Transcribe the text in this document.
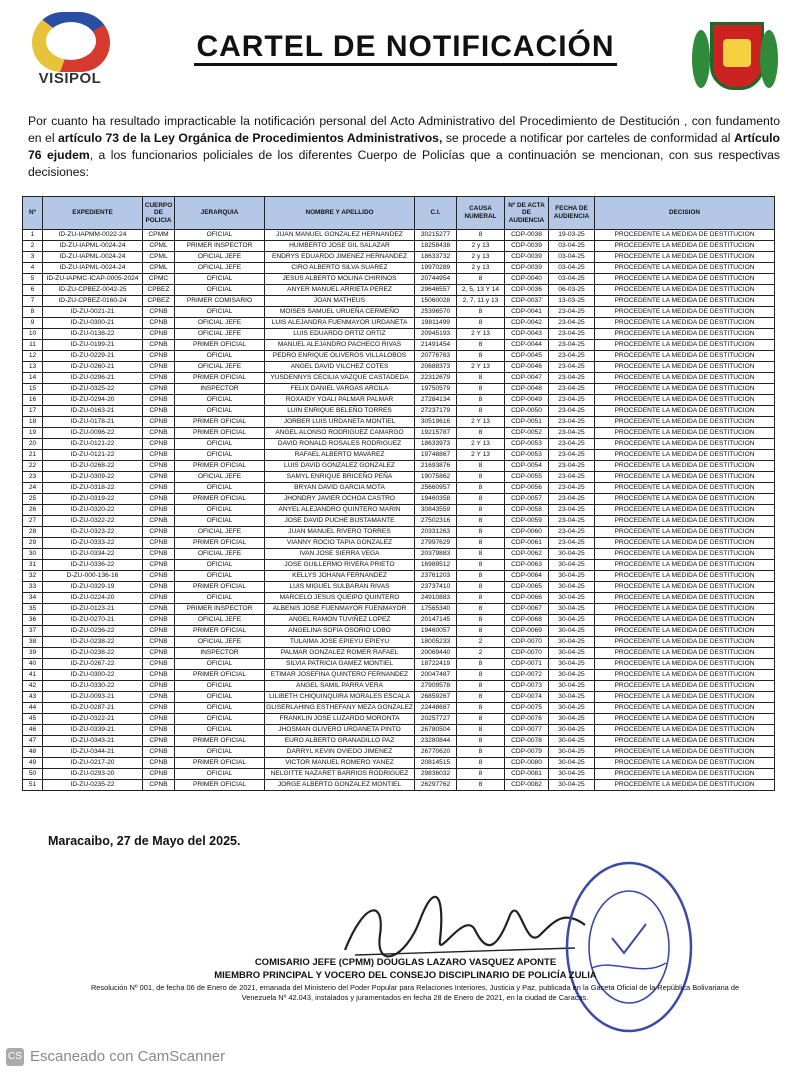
VISIPOL
CARTEL DE NOTIFICACIÓN
Por cuanto ha resultado impracticable la notificación personal del Acto Administrativo del Procedimiento de Destitución , con fundamento en el artículo 73 de la Ley Orgánica de Procedimientos Administrativos, se procede a notificar por carteles de conformidad al Artículo 76 ejudem, a los funcionarios policiales de los diferentes Cuerpo de Policías que a continuación se mencionan, con sus respectivas decisiones:
Nº	EXPEDIENTE	CUERPO DE POLICIA	JERARQUIA	NOMBRE Y APELLIDO	C.I.	CAUSA NUMERAL	Nº DE ACTA DE AUDIENCIA	FECHA DE AUDIENCIA	DECISION
1	ID-ZU-IAPMM-0022-24	CPMM	OFICIAL	JUAN MANUEL GONZALEZ HERNANDEZ	30215277	8	CDP-0038	19-03-25	PROCEDENTE LA MEDIDA DE DESTITUCION
2	ID-ZU-IAPML-0024-24	CPML	PRIMER INSPECTOR	HUMBERTO JOSE GIL SALAZAR	18258438	2 y 13	CDP-0039	03-04-25	PROCEDENTE LA MEDIDA DE DESTITUCION
3	ID-ZU-IAPML-0024-24	CPML	OFICIAL JEFE	ENDRYS EDUARDO JIMENEZ HERNANDEZ	18633732	2 y 13	CDP-0039	03-04-25	PROCEDENTE LA MEDIDA DE DESTITUCION
4	ID-ZU-IAPML-0024-24	CPML	OFICIAL JEFE	CIRO ALBERTO SILVA SUAREZ	19970289	2 y 13	CDP-0039	03-04-25	PROCEDENTE LA MEDIDA DE DESTITUCION
5	ID-ZU-IAPMC-ICAP-0005-2024	CPMC	OFICIAL	JESUS ALBERTO MOLINA CHIRINOS	20744954	8	CDP-0040	03-04-25	PROCEDENTE LA MEDIDA DE DESTITUCION
6	ID-ZU-CPBEZ-0042-25	CPBEZ	OFICIAL	ANYER MANUEL ARRIETA PEREZ	29646557	2, 5, 13 Y 14	CDP-0036	06-03-25	PROCEDENTE LA MEDIDA DE DESTITUCION
7	ID-ZU-CPBEZ-0160-24	CPBEZ	PRIMER COMISARIO	JOAN MATHEUS	15060028	2, 7, 11 y 13	CDP-0037	13-03-25	PROCEDENTE LA MEDIDA DE DESTITUCION
8	ID-ZU-0021-21	CPNB	OFICIAL	MOISES SAMUEL URUEÑA CERMEÑO	25396570	8	CDP-0041	23-04-25	PROCEDENTE LA MEDIDA DE DESTITUCION
9	ID-ZU-0300-21	CPNB	OFICIAL JEFE	LUIS ALEJANDRA FUENMAYOR URDANETA	19811499	8	CDP-0042	23-04-25	PROCEDENTE LA MEDIDA DE DESTITUCION
10	ID-ZU-0138-22	CPNB	OFICIAL JEFE	LUIS EDUARDO ORTIZ ORTIZ	20945193	2 Y 13	CDP-0043	23-04-25	PROCEDENTE LA MEDIDA DE DESTITUCION
11	ID-ZU-0199-21	CPNB	PRIMER OFICIAL	MANUEL ALEJANDRO PACHECO RIVAS	21491454	8	CDP-0044	23-04-25	PROCEDENTE LA MEDIDA DE DESTITUCION
12	ID-ZU-0229-21	CPNB	OFICIAL	PEDRO ENRIQUE OLIVEROS VILLALOBOS	20776763	8	CDP-0045	23-04-25	PROCEDENTE LA MEDIDA DE DESTITUCION
13	ID-ZU-0260-21	CPNB	OFICIAL JEFE	ANGEL DAVID VILCHEZ COTES	20688373	2 Y 13	CDP-0046	23-04-25	PROCEDENTE LA MEDIDA DE DESTITUCION
14	ID-ZU-0296-21	CPNB	PRIMER OFICIAL	YUSDENNYS CECILIA VAZQUE CASTADEDA	22312679	8	CDP-0047	23-04-25	PROCEDENTE LA MEDIDA DE DESTITUCION
15	ID-ZU-0325-22	CPNB	INSPECTOR	FELIX DANIEL VARGAS ARCILA	19750579	8	CDP-0048	23-04-25	PROCEDENTE LA MEDIDA DE DESTITUCION
16	ID-ZU-0294-20	CPNB	OFICIAL	ROXAIDY YOALI PALMAR PALMAR	27284134	8	CDP-0049	23-04-25	PROCEDENTE LA MEDIDA DE DESTITUCION
17	ID-ZU-0163-21	CPNB	OFICIAL	LUIN ENRIQUE BELEÑO TORRES	27237179	8	CDP-0050	23-04-25	PROCEDENTE LA MEDIDA DE DESTITUCION
18	ID-ZU-0178-21	CPNB	PRIMER OFICIAL	JORBER LUIS URDANETA MONTIEL	30519616	2 Y 13	CDP-0051	23-04-25	PROCEDENTE LA MEDIDA DE DESTITUCION
19	ID-ZU-0096-22	CPNB	PRIMER OFICIAL	ANGEL ALONSO RODRIGUEZ CAMARGO	19215787	8	CDP-0052	23-04-25	PROCEDENTE LA MEDIDA DE DESTITUCION
20	ID-ZU-0121-22	CPNB	OFICIAL	DAVID RONALD ROSALES RODRIGUEZ	18633973	2 Y 13	CDP-0053	23-04-25	PROCEDENTE LA MEDIDA DE DESTITUCION
21	ID-ZU-0121-22	CPNB	OFICIAL	RAFAEL ALBERTO MAVAREZ	19748867	2 Y 13	CDP-0053	23-04-25	PROCEDENTE LA MEDIDA DE DESTITUCION
22	ID-ZU-0268-22	CPNB	PRIMER OFICIAL	LUIS DAVID GONZALEZ GONZALEZ	21693876	8	CDP-0054	23-04-25	PROCEDENTE LA MEDIDA DE DESTITUCION
23	ID-ZU-0309-22	CPNB	OFICIAL JEFE	SAMYL ENRIQUE BRICEÑO PEÑA	19075862	8	CDP-0055	23-04-25	PROCEDENTE LA MEDIDA DE DESTITUCION
24	ID-ZU-0318-22	CPNB	OFICIAL	BRYAN DAVID GARCIA MOTA	25660957	8	CDP-0056	23-04-25	PROCEDENTE LA MEDIDA DE DESTITUCION
25	ID-ZU-0319-22	CPNB	PRIMER OFICIAL	JHONDRY JAVIER OCHOA CASTRO	19460358	8	CDP-0057	23-04-25	PROCEDENTE LA MEDIDA DE DESTITUCION
26	ID-ZU-0320-22	CPNB	OFICIAL	ANYEL ALEJANDRO QUINTERO MARIN	30843559	8	CDP-0058	23-04-25	PROCEDENTE LA MEDIDA DE DESTITUCION
27	ID-ZU-0322-22	CPNB	OFICIAL	JOSE DAVID PUCHE BUSTAMANTE	27502316	8	CDP-0059	23-04-25	PROCEDENTE LA MEDIDA DE DESTITUCION
28	ID-ZU-0323-22	CPNB	OFICIAL JEFE	JUAN MANUEL RIVERO TORRES	20331263	8	CDP-0060	23-04-25	PROCEDENTE LA MEDIDA DE DESTITUCION
29	ID-ZU-0333-22	CPNB	PRIMER OFICIAL	VIANNY ROCIO TAPIA GONZALEZ	27997629	8	CDP-0061	23-04-25	PROCEDENTE LA MEDIDA DE DESTITUCION
30	ID-ZU-0334-22	CPNB	OFICIAL JEFE	IVAN JOSE SIERRA VEGA	20379883	8	CDP-0062	30-04-25	PROCEDENTE LA MEDIDA DE DESTITUCION
31	ID-ZU-0336-22	CPNB	OFICIAL	JOSE GUILLERMO RIVERA PRIETO	16989512	8	CDP-0063	30-04-25	PROCEDENTE LA MEDIDA DE DESTITUCION
32	D-ZU-000-136-16	CPNB	OFICIAL	KELLYS JOHANA FERNANDEZ	23761203	8	CDP-0064	30-04-25	PROCEDENTE LA MEDIDA DE DESTITUCION
33	ID-ZU-0329-19	CPNB	PRIMER OFICIAL	LUIS MIGUEL SULBARAN RIVAS	23737410	8	CDP-0065	30-04-25	PROCEDENTE LA MEDIDA DE DESTITUCION
34	ID-ZU-0224-20	CPNB	OFICIAL	MARCELO JESUS QUEIPO QUINTERO	24910883	8	CDP-0066	30-04-25	PROCEDENTE LA MEDIDA DE DESTITUCION
35	ID-ZU-0123-21	CPNB	PRIMER INSPECTOR	ALBENIS JOSE FUENMAYOR FUENMAYOR	17565340	8	CDP-0067	30-04-25	PROCEDENTE LA MEDIDA DE DESTITUCION
36	ID-ZU-0270-21	CPNB	OFICIAL JEFE	ANGEL RAMON TUVIÑEZ LOPEZ	20147145	8	CDP-0068	30-04-25	PROCEDENTE LA MEDIDA DE DESTITUCION
37	ID-ZU-0236-22	CPNB	PRIMER OFICIAL	ANGELINA SOFIA OSORIO LOBO	19460057	8	CDP-0069	30-04-25	PROCEDENTE LA MEDIDA DE DESTITUCION
38	ID-ZU-0238-22	CPNB	OFICIAL JEFE	TULAIMA JOSE EPIEYU EPIEYU	18005233	2	CDP-0070	30-04-25	PROCEDENTE LA MEDIDA DE DESTITUCION
39	ID-ZU-0238-22	CPNB	INSPECTOR	PALMAR GONZALEZ ROMER RAFAEL	20069440	2	CDP-0070	30-04-25	PROCEDENTE LA MEDIDA DE DESTITUCION
40	ID-ZU-0267-22	CPNB	OFICIAL	SILVIA PATRICIA GAMEZ MONTIEL	18722419	8	CDP-0071	30-04-25	PROCEDENTE LA MEDIDA DE DESTITUCION
41	ID-ZU-0300-22	CPNB	PRIMER OFICIAL	ETIMAR JOSEFINA QUINTERO FERNANDEZ	20047487	8	CDP-0072	30-04-25	PROCEDENTE LA MEDIDA DE DESTITUCION
42	ID-ZU-0330-22	CPNB	OFICIAL	ANGEL SAMIL PARRA VERA	27909578	8	CDP-0073	30-04-25	PROCEDENTE LA MEDIDA DE DESTITUCION
43	ID-ZU-0093-21	CPNB	OFICIAL	LILIBETH CHIQUINQUIRA MORALES ESCALA	26859267	8	CDP-0074	30-04-25	PROCEDENTE LA MEDIDA DE DESTITUCION
44	ID-ZU-0287-21	CPNB	OFICIAL	GLISERLAHING ESTHEFANY MEZA GONZALEZ	22448687	8	CDP-0075	30-04-25	PROCEDENTE LA MEDIDA DE DESTITUCION
45	ID-ZU-0322-21	CPNB	OFICIAL	FRANKLIN JOSE LUZARDO MORONTA	20257727	8	CDP-0076	30-04-25	PROCEDENTE LA MEDIDA DE DESTITUCION
46	ID-ZU-0339-21	CPNB	OFICIAL	JHOSMAN OLIVERO URDANETA PINTO	26780504	8	CDP-0077	30-04-25	PROCEDENTE LA MEDIDA DE DESTITUCION
47	ID-ZU-0343-21	CPNB	PRIMER OFICIAL	EURO ALBERTO GRANADILLO PAZ	23280844	8	CDP-0078	30-04-25	PROCEDENTE LA MEDIDA DE DESTITUCION
48	ID-ZU-0344-21	CPNB	OFICIAL	DARRYL KEVIN OVIEDO JIMENEZ	26770620	8	CDP-0079	30-04-25	PROCEDENTE LA MEDIDA DE DESTITUCION
49	ID-ZU-0217-20	CPNB	PRIMER OFICIAL	VICTOR MANUEL ROMERO YANEZ	20814515	8	CDP-0080	30-04-25	PROCEDENTE LA MEDIDA DE DESTITUCION
50	ID-ZU-0293-20	CPNB	OFICIAL	NELGITTE NAZARET BARRIOS RODRIGUEZ	29836032	8	CDP-0081	30-04-25	PROCEDENTE LA MEDIDA DE DESTITUCION
51	ID-ZU-0235-22	CPNB	PRIMER OFICIAL	JORGE ALBERTO GONZALEZ MONTIEL	26297762	8	CDP-0082	30-04-25	PROCEDENTE LA MEDIDA DE DESTITUCION
Maracaibo, 27 de Mayo del 2025.
COMISARIO JEFE (CPMM) DOUGLAS LAZARO VASQUEZ APONTE
MIEMBRO PRINCIPAL Y VOCERO DEL CONSEJO DISCIPLINARIO DE POLICÍA ZULIA
Resolución Nº 001, de fecha 06 de Enero de 2021, emanada del Ministerio del Poder Popular para Relaciones Interiores, Justicia y Paz, publicada en la Gaceta Oficial de la República Bolivariana de Venezuela Nº 42.043, instalados y juramentados en fecha 28 de Enero de 2021, en la ciudad de Caracas.
CS Escaneado con CamScanner
